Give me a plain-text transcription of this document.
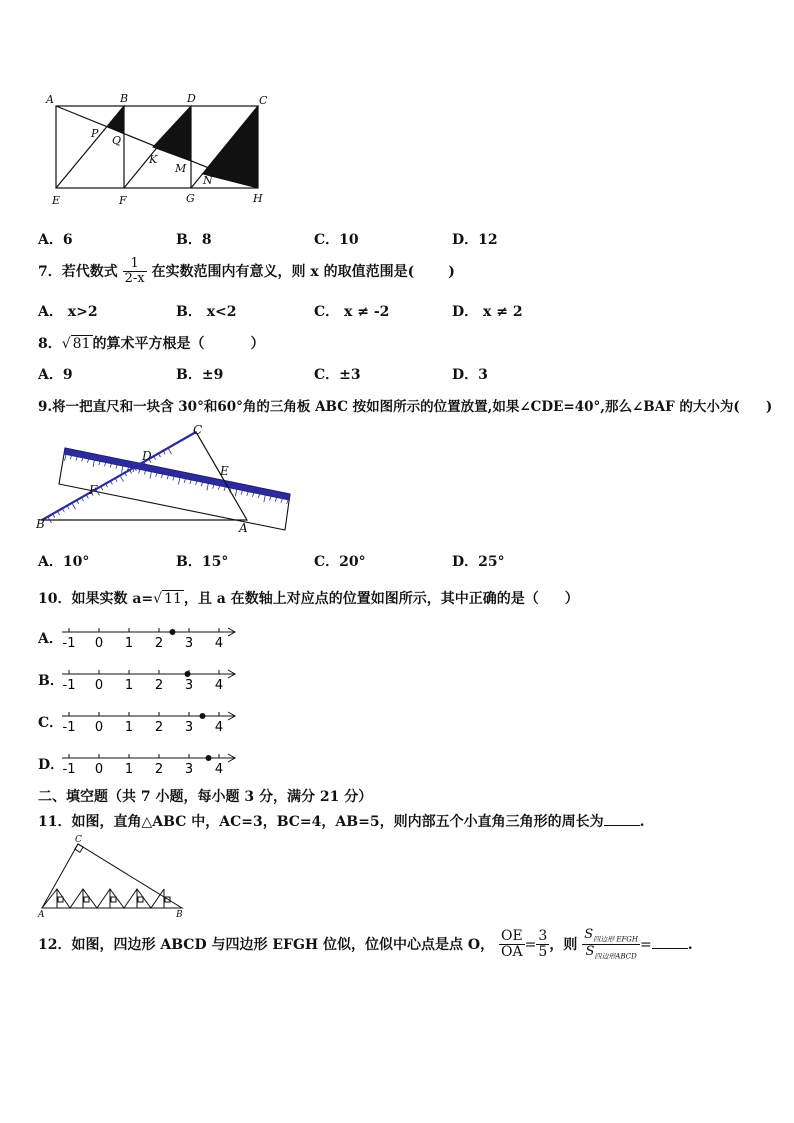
A	B	D	C
P
Q
K
M
N
E	F	G	H
A．6	B．8	C．10	D．12
7．若代数式 $\frac{1}{2-x}$ 在实数范围内有意义，则 x 的取值范围是( )
A． x>2	B． x<2	C． x ≠ -2	D． x ≠ 2
8．√ 81 的算术平方根是（	）
A．9	B．±9	C．±3	D．3
9.将一把直尺和一块含 30°和60°角的三角板 ABC 按如图所示的位置放置,如果∠CDE=40°,那么∠BAF 的大小为( )
C
D
E
F
B	A
A．10°	B．15°	C．20°	D．25°
10．如果实数 a=√ 11 ，且 a 在数轴上对应点的位置如图所示，其中正确的是（ ）
A． -1 0 1 2 3 4
B．
-1 0 1 2 3 4
C． -1 0 1 2 3 4
D．
-1 0 1 2 3 4
二、填空题（共 7 小题，每小题 3 分，满分 21 分）
11．如图，直角△ABC 中，AC=3，BC=4，AB=5，则内部五个小直角三角形的周长为	.
C
A	B
12．如图，四边形 ABCD 与四边形 EFGH 位似，位似中心点是点 O， $\frac{OE}{OA} = \frac{3}{5}$ ，则 $\frac{S_{四边形 EFGH}}{S_{四边形ABCD}}$ =	.
